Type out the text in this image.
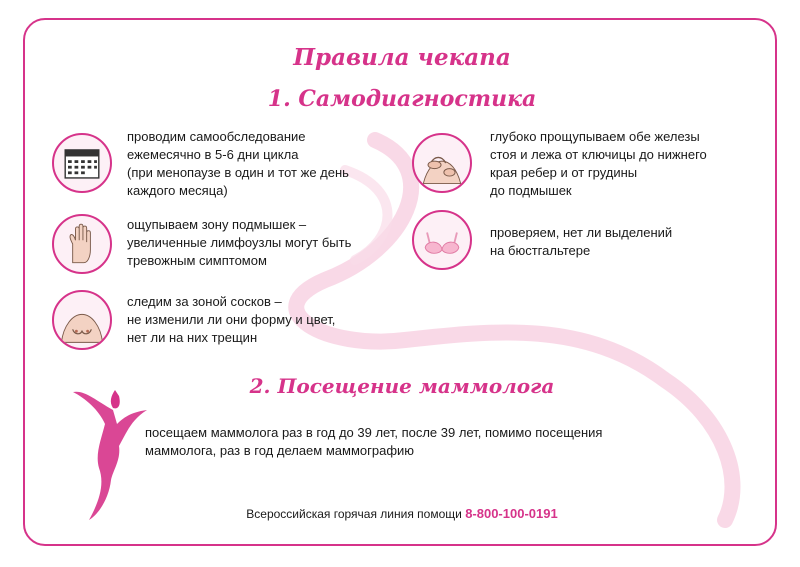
Правила чекапа
1. Самодиагностика
проводим самообследование
ежемесячно в 5-6 дни цикла
(при менопаузе в один и тот же день
каждого месяца)
глубоко прощупываем обе железы
стоя и лежа от ключицы до нижнего
края ребер и от грудины
до подмышек
ощупываем зону подмышек –
увеличенные лимфоузлы могут быть
тревожным симптомом
проверяем, нет ли выделений
на бюстгальтере
следим за зоной сосков –
не изменили ли они форму и цвет,
нет ли на них трещин
2. Посещение маммолога
посещаем маммолога раз в год до 39 лет, после 39 лет, помимо посещения
маммолога, раз в год делаем маммографию
Всероссийская горячая линия помощи 8-800-100-0191
